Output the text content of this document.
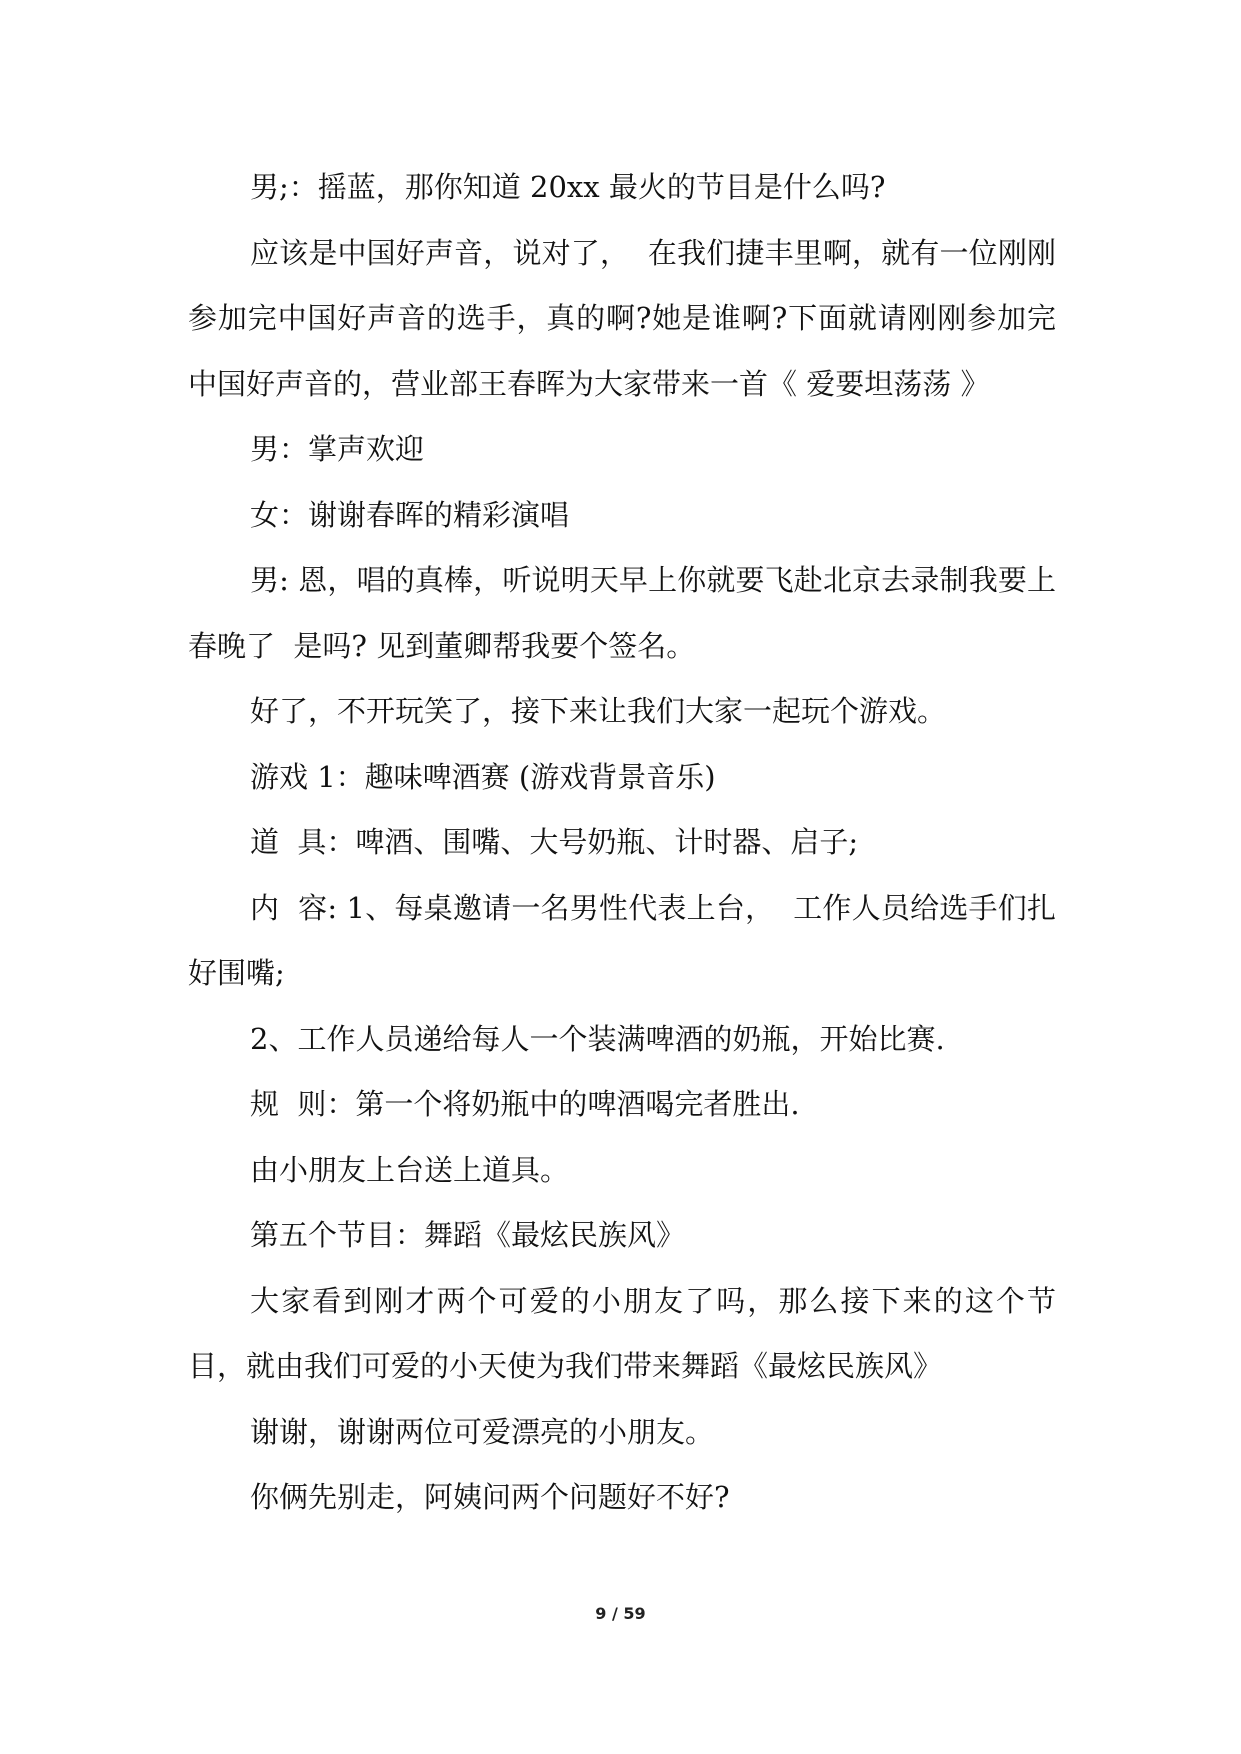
男;：摇蓝，那你知道 20xx 最火的节目是什么吗?

应该是中国好声音，说对了，  在我们捷丰里啊，就有一位刚刚参加完中国好声音的选手，真的啊?她是谁啊?下面就请刚刚参加完中国好声音的，营业部王春晖为大家带来一首《 爱要坦荡荡 》

男：掌声欢迎

女：谢谢春晖的精彩演唱

男: 恩，唱的真棒，听说明天早上你就要飞赴北京去录制我要上春晚了  是吗? 见到董卿帮我要个签名。

好了，不开玩笑了，接下来让我们大家一起玩个游戏。

游戏 1：趣味啤酒赛 (游戏背景音乐)

道  具：啤酒、围嘴、大号奶瓶、计时器、启子;

内  容: 1、每桌邀请一名男性代表上台，  工作人员给选手们扎好围嘴;

2、工作人员递给每人一个装满啤酒的奶瓶，开始比赛.

规  则：第一个将奶瓶中的啤酒喝完者胜出.

由小朋友上台送上道具。

第五个节目：舞蹈《最炫民族风》

大家看到刚才两个可爱的小朋友了吗，那么接下来的这个节目，就由我们可爱的小天使为我们带来舞蹈《最炫民族风》

谢谢，谢谢两位可爱漂亮的小朋友。

你俩先别走，阿姨问两个问题好不好?

9 / 59
